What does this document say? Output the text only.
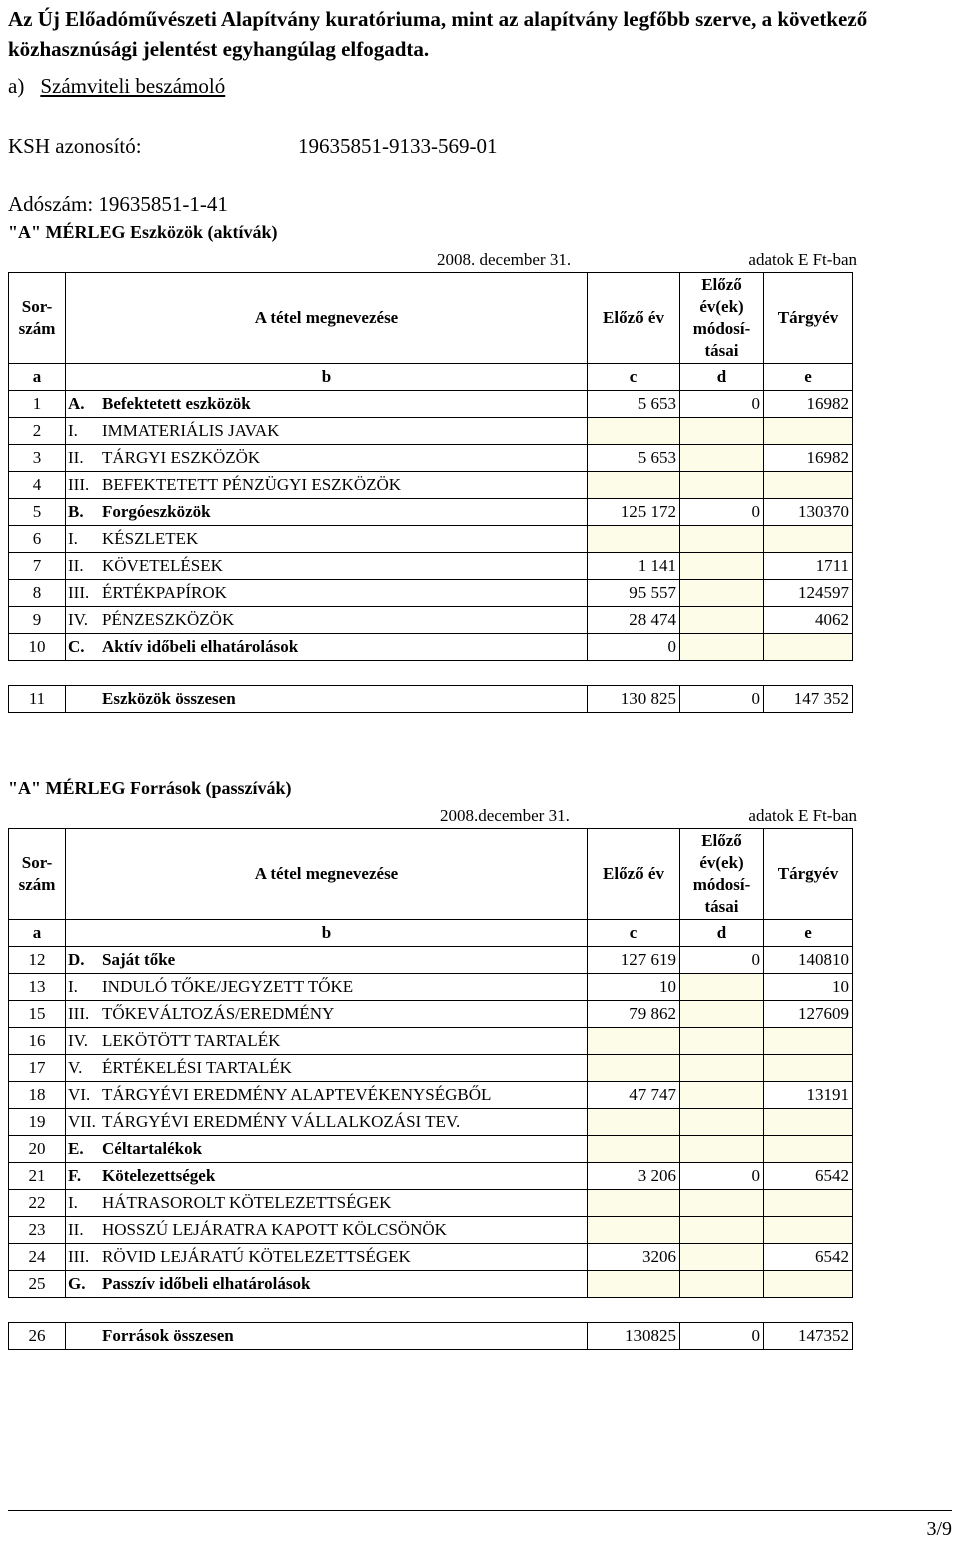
Az Új Előadóművészeti Alapítvány kuratóriuma, mint az alapítvány legfőbb szerve, a következő közhasznúsági jelentést egyhangúlag elfogadta.
a) Számviteli beszámoló
KSH azonosító:	19635851-9133-569-01
Adószám: 19635851-1-41
"A" MÉRLEG Eszközök (aktívák)
2008. december 31.	adatok E Ft-ban
Sor-szám	A tétel megnevezése	Előző év	Előző év(ek) módosí-tásai	Tárgyév
a	b	c	d	e
1	A. Befektetett eszközök	5 653	0	16982
2	I. IMMATERIÁLIS JAVAK			
3	II. TÁRGYI ESZKÖZÖK	5 653		16982
4	III. BEFEKTETETT PÉNZÜGYI ESZKÖZÖK			
5	B. Forgóeszközök	125 172	0	130370
6	I. KÉSZLETEK			
7	II. KÖVETELÉSEK	1 141		1711
8	III. ÉRTÉKPAPÍROK	95 557		124597
9	IV. PÉNZESZKÖZÖK	28 474		4062
10	C. Aktív időbeli elhatárolások	0		

11	Eszközök összesen	130 825	0	147 352
"A" MÉRLEG Források (passzívák)
2008.december 31.	adatok E Ft-ban
Sor-szám	A tétel megnevezése	Előző év	Előző év(ek) módosí-tásai	Tárgyév
a	b	c	d	e
12	D. Saját tőke	127 619	0	140810
13	I. INDULÓ TŐKE/JEGYZETT TŐKE	10		10
15	III. TŐKEVÁLTOZÁS/EREDMÉNY	79 862		127609
16	IV. LEKÖTÖTT TARTALÉK			
17	V. ÉRTÉKELÉSI TARTALÉK			
18	VI. TÁRGYÉVI EREDMÉNY ALAPTEVÉKENYSÉGBŐL	47 747		13191
19	VII. TÁRGYÉVI EREDMÉNY VÁLLALKOZÁSI TEV.			
20	E. Céltartalékok			
21	F. Kötelezettségek	3 206	0	6542
22	I. HÁTRASOROLT KÖTELEZETTSÉGEK			
23	II. HOSSZÚ LEJÁRATRA KAPOTT KÖLCSÖNÖK			
24	III. RÖVID LEJÁRATÚ KÖTELEZETTSÉGEK	3206		6542
25	G. Passzív időbeli elhatárolások			

26	Források összesen	130825	0	147352
3/9
